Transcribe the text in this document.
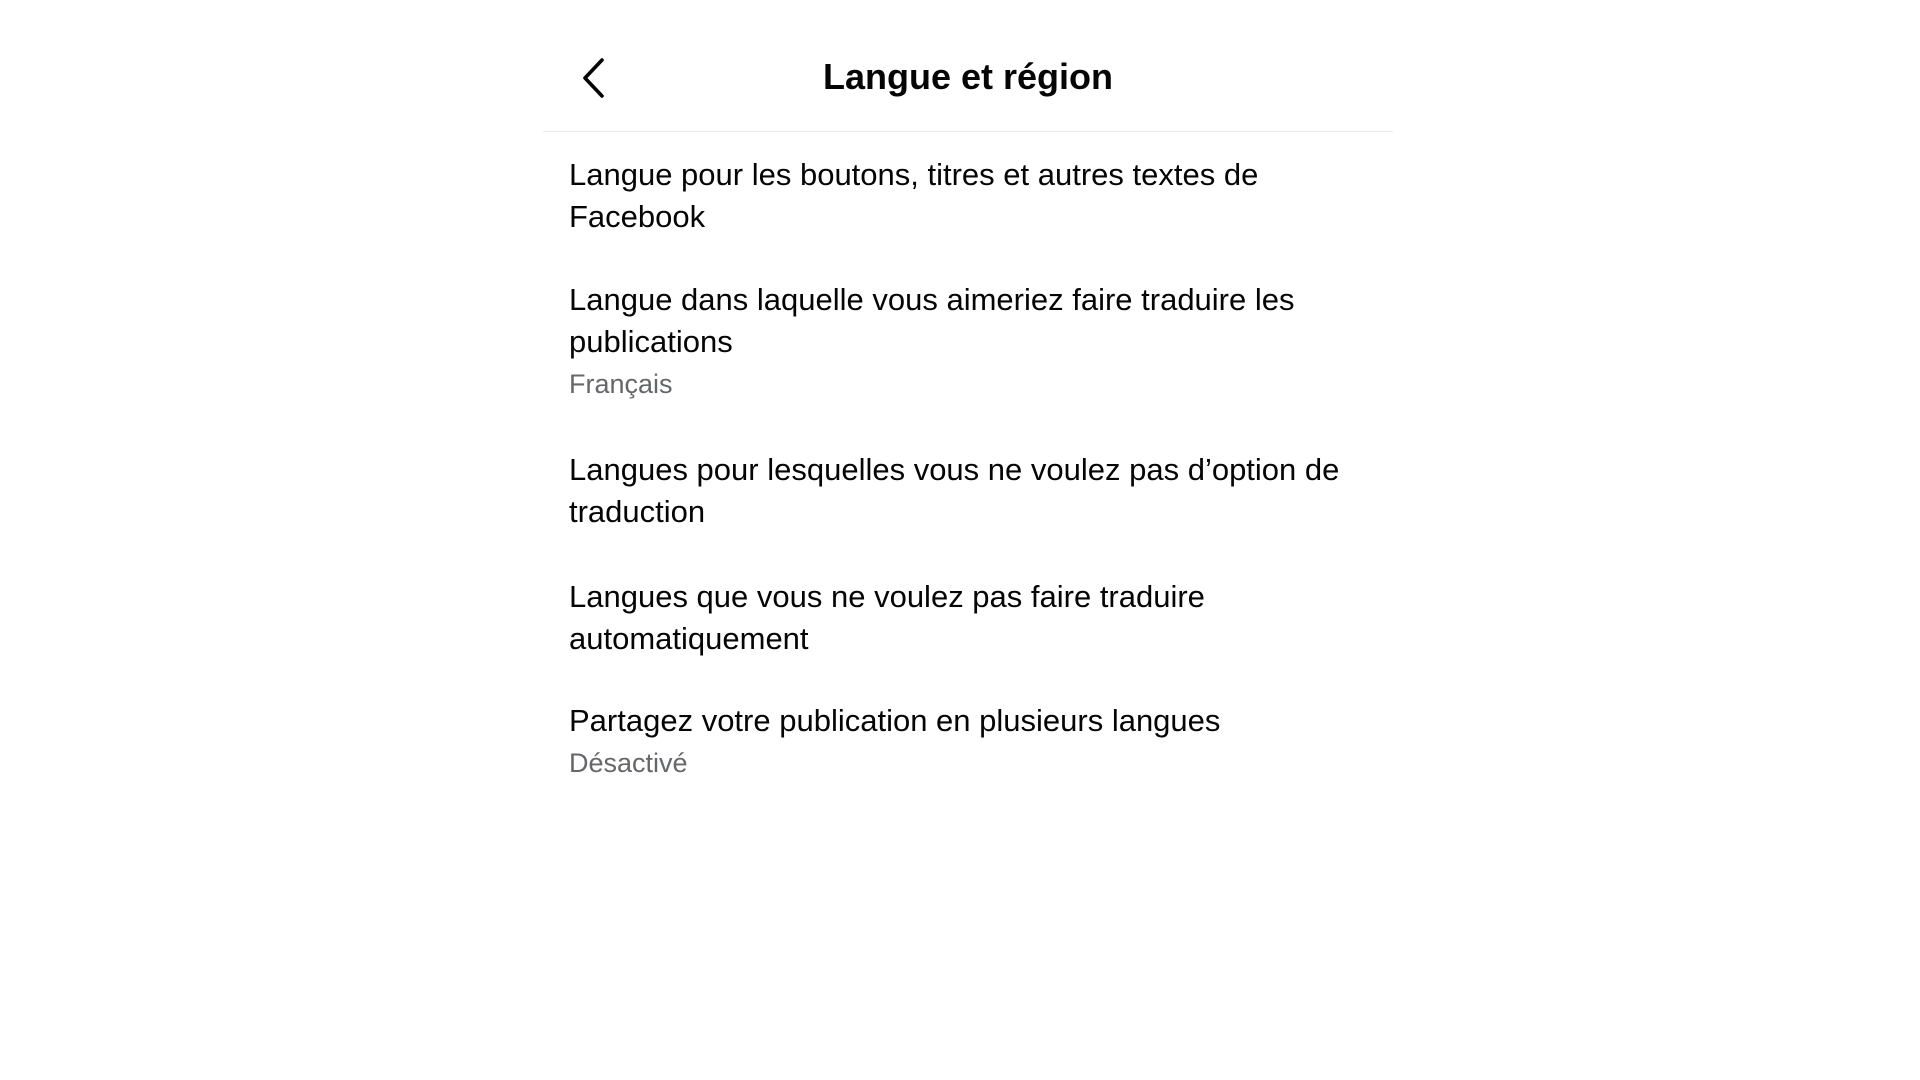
Langue et région
Langue pour les boutons, titres et autres textes de Facebook
Langue dans laquelle vous aimeriez faire traduire les publications
Français
Langues pour lesquelles vous ne voulez pas d’option de traduction
Langues que vous ne voulez pas faire traduire automatiquement
Partagez votre publication en plusieurs langues
Désactivé
